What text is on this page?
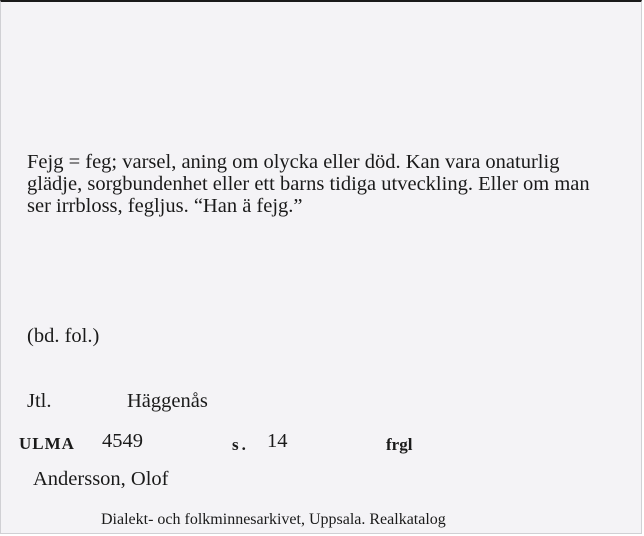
Fejg = feg; varsel, aning om olycka eller död. Kan vara onaturlig glädje, sorgbundenhet eller ett barns tidiga utveckling. Eller om man ser irrbloss, fegljus. “Han ä fejg.”

(bd. fol.)
Jtl.	Häggenås
ULMA 4549	s. 14	frgl
Andersson, Olof
Dialekt- och folkminnesarkivet, Uppsala. Realkatalog
